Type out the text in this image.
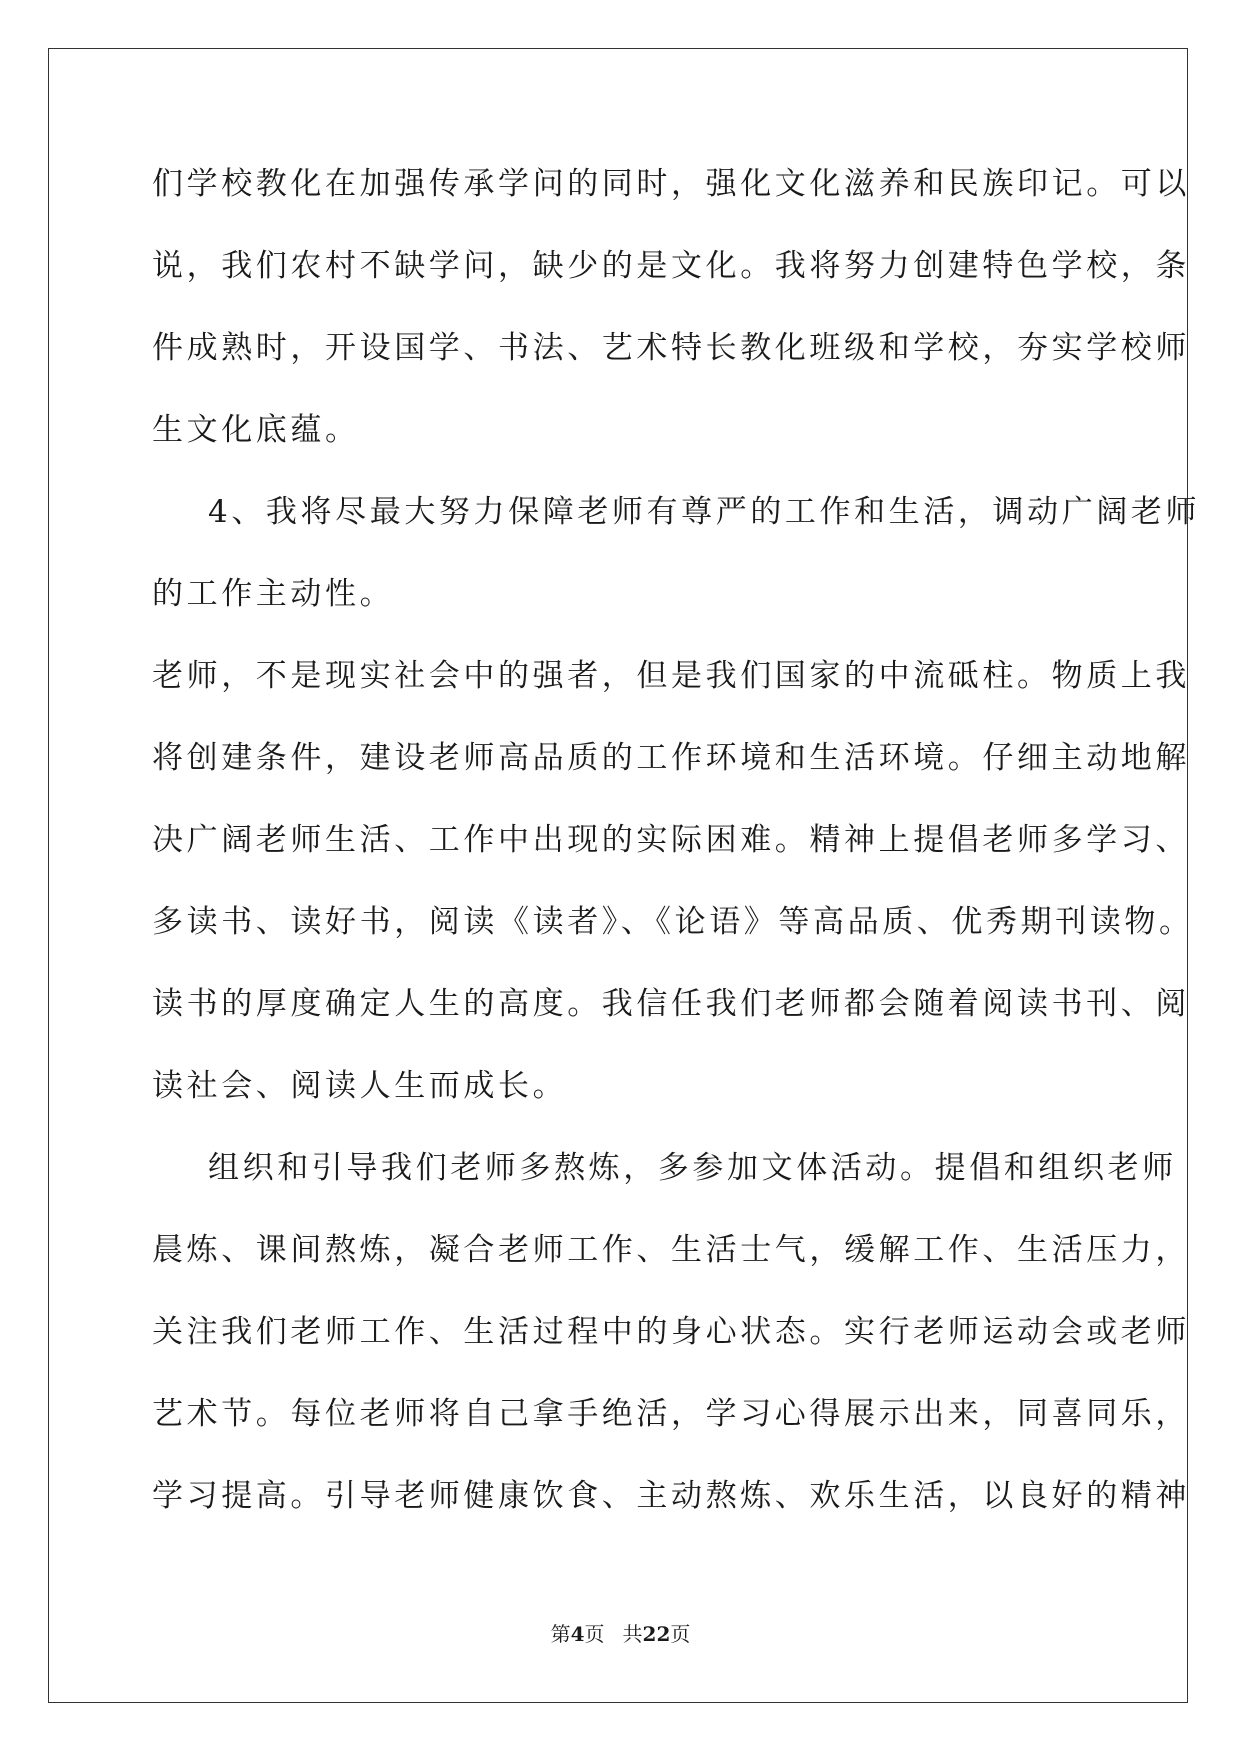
们学校教化在加强传承学问的同时，强化文化滋养和民族印记。可以
说，我们农村不缺学问，缺少的是文化。我将努力创建特色学校，条
件成熟时，开设国学、书法、艺术特长教化班级和学校，夯实学校师
生文化底蕴。
4、我将尽最大努力保障老师有尊严的工作和生活，调动广阔老师
的工作主动性。
老师，不是现实社会中的强者，但是我们国家的中流砥柱。物质上我
将创建条件，建设老师高品质的工作环境和生活环境。仔细主动地解
决广阔老师生活、工作中出现的实际困难。精神上提倡老师多学习、
多读书、读好书，阅读《读者》、《论语》等高品质、优秀期刊读物。
读书的厚度确定人生的高度。我信任我们老师都会随着阅读书刊、阅
读社会、阅读人生而成长。
组织和引导我们老师多熬炼，多参加文体活动。提倡和组织老师
晨炼、课间熬炼，凝合老师工作、生活士气，缓解工作、生活压力，
关注我们老师工作、生活过程中的身心状态。实行老师运动会或老师
艺术节。每位老师将自己拿手绝活，学习心得展示出来，同喜同乐，
学习提高。引导老师健康饮食、主动熬炼、欢乐生活，以良好的精神
第4页 共22页
